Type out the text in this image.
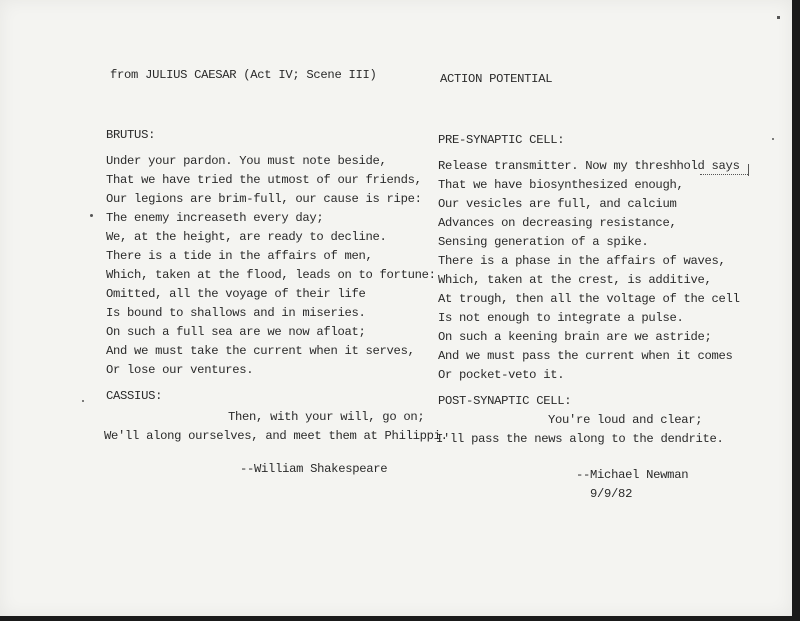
from JULIUS CAESAR (Act IV; Scene III)
BRUTUS:
Under your pardon. You must note beside,
That we have tried the utmost of our friends,
Our legions are brim-full, our cause is ripe:
The enemy increaseth every day;
We, at the height, are ready to decline.
There is a tide in the affairs of men,
Which, taken at the flood, leads on to fortune:
Omitted, all the voyage of their life
Is bound to shallows and in miseries.
On such a full sea are we now afloat;
And we must take the current when it serves,
Or lose our ventures.
CASSIUS:
Then, with your will, go on;
We'll along ourselves, and meet them at Philippi.
--William Shakespeare
ACTION POTENTIAL
PRE-SYNAPTIC CELL:
Release transmitter. Now my threshhold says
That we have biosynthesized enough,
Our vesicles are full, and calcium
Advances on decreasing resistance,
Sensing generation of a spike.
There is a phase in the affairs of waves,
Which, taken at the crest, is additive,
At trough, then all the voltage of the cell
Is not enough to integrate a pulse.
On such a keening brain are we astride;
And we must pass the current when it comes
Or pocket-veto it.
POST-SYNAPTIC CELL:
You're loud and clear;
I'll pass the news along to the dendrite.
--Michael Newman
9/9/82
